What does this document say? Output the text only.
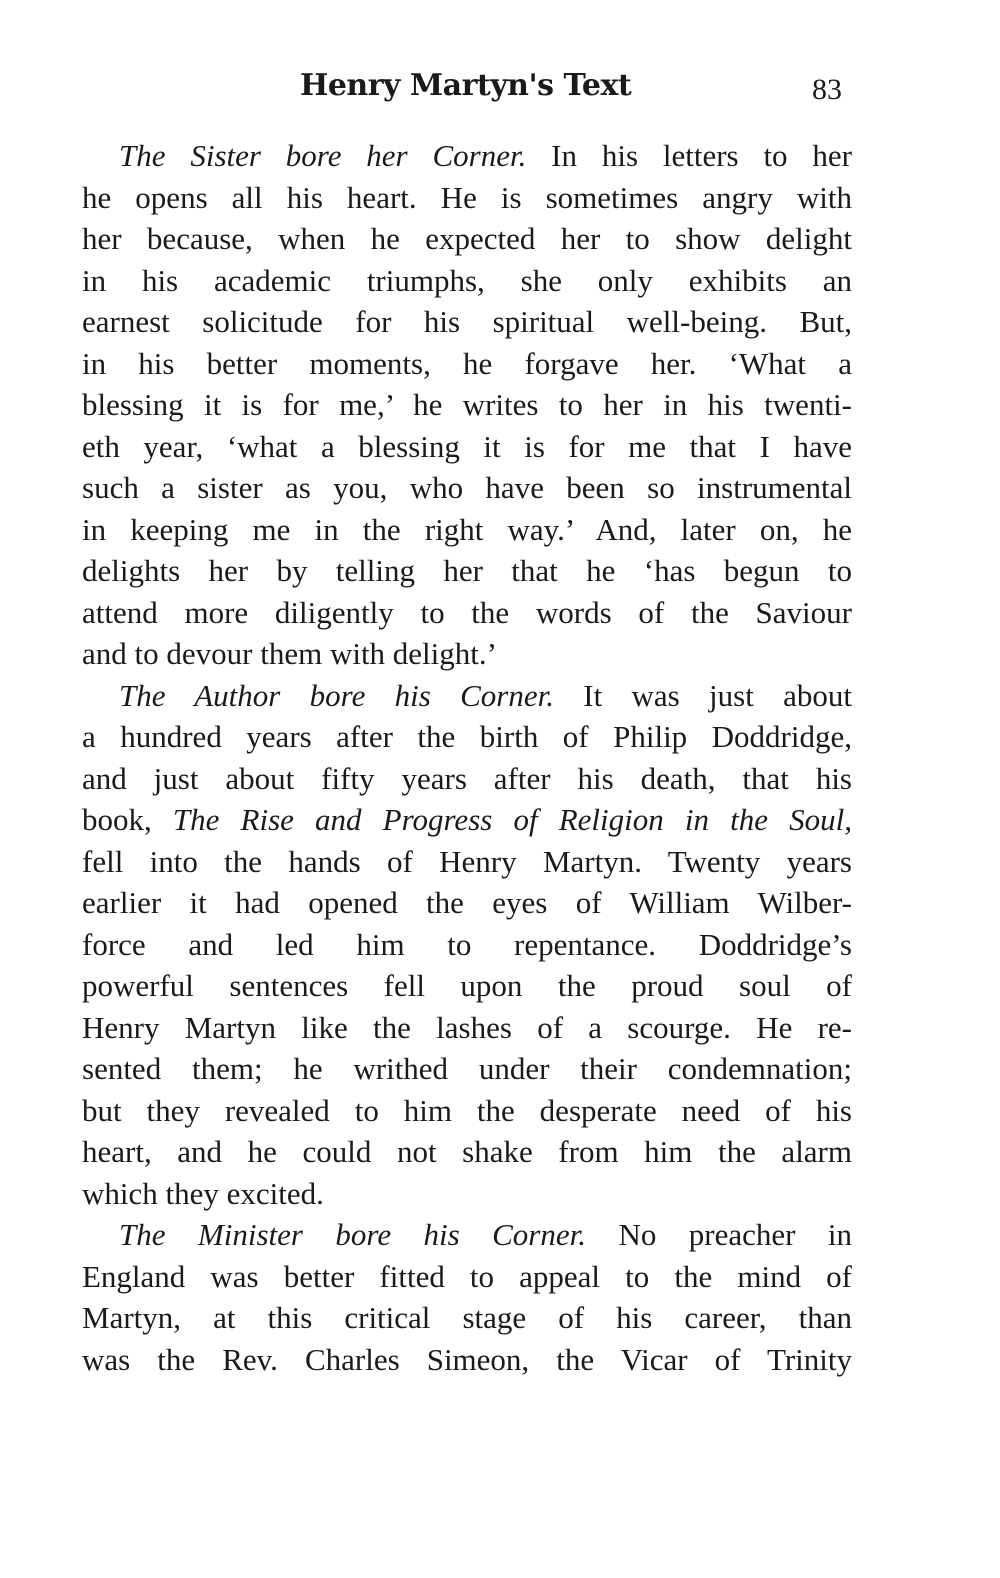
Henry Martyn's Text	83
The Sister bore her Corner. In his letters to her
he opens all his heart. He is sometimes angry with
her because, when he expected her to show delight
in his academic triumphs, she only exhibits an
earnest solicitude for his spiritual well-being. But,
in his better moments, he forgave her. ‘What a
blessing it is for me,’ he writes to her in his twenti-
eth year, ‘what a blessing it is for me that I have
such a sister as you, who have been so instrumental
in keeping me in the right way.’ And, later on, he
delights her by telling her that he ‘has begun to
attend more diligently to the words of the Saviour
and to devour them with delight.’
The Author bore his Corner. It was just about
a hundred years after the birth of Philip Doddridge,
and just about fifty years after his death, that his
book, The Rise and Progress of Religion in the Soul,
fell into the hands of Henry Martyn. Twenty years
earlier it had opened the eyes of William Wilber-
force and led him to repentance. Doddridge’s
powerful sentences fell upon the proud soul of
Henry Martyn like the lashes of a scourge. He re-
sented them; he writhed under their condemnation;
but they revealed to him the desperate need of his
heart, and he could not shake from him the alarm
which they excited.
The Minister bore his Corner. No preacher in
England was better fitted to appeal to the mind of
Martyn, at this critical stage of his career, than
was the Rev. Charles Simeon, the Vicar of Trinity
